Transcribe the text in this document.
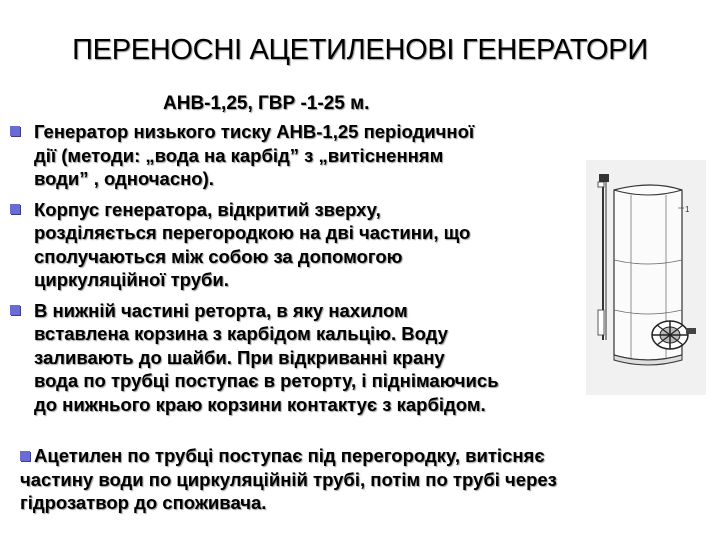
ПЕРЕНОСНІ АЦЕТИЛЕНОВІ ГЕНЕРАТОРИ
АНВ-1,25, ГВР -1-25 м.
Генератор низького тиску АНВ-1,25 періодичної
дії (методи: „вода на карбід” з „витісненням
води” , одночасно).
Корпус генератора, відкритий зверху,
розділяється перегородкою на дві частини, що
сполучаються між собою за допомогою
циркуляційної труби.
В нижній частині реторта, в яку нахилом
вставлена корзина з карбідом кальцію. Воду
заливають до шайби. При відкриванні крану
вода по трубці поступає в реторту, і піднімаючись
до нижнього краю корзини контактує з карбідом.
Ацетилен по трубці поступає під перегородку, витісняє
частину води по циркуляційній трубі, потім по трубі через
гідрозатвор до споживача.
1
